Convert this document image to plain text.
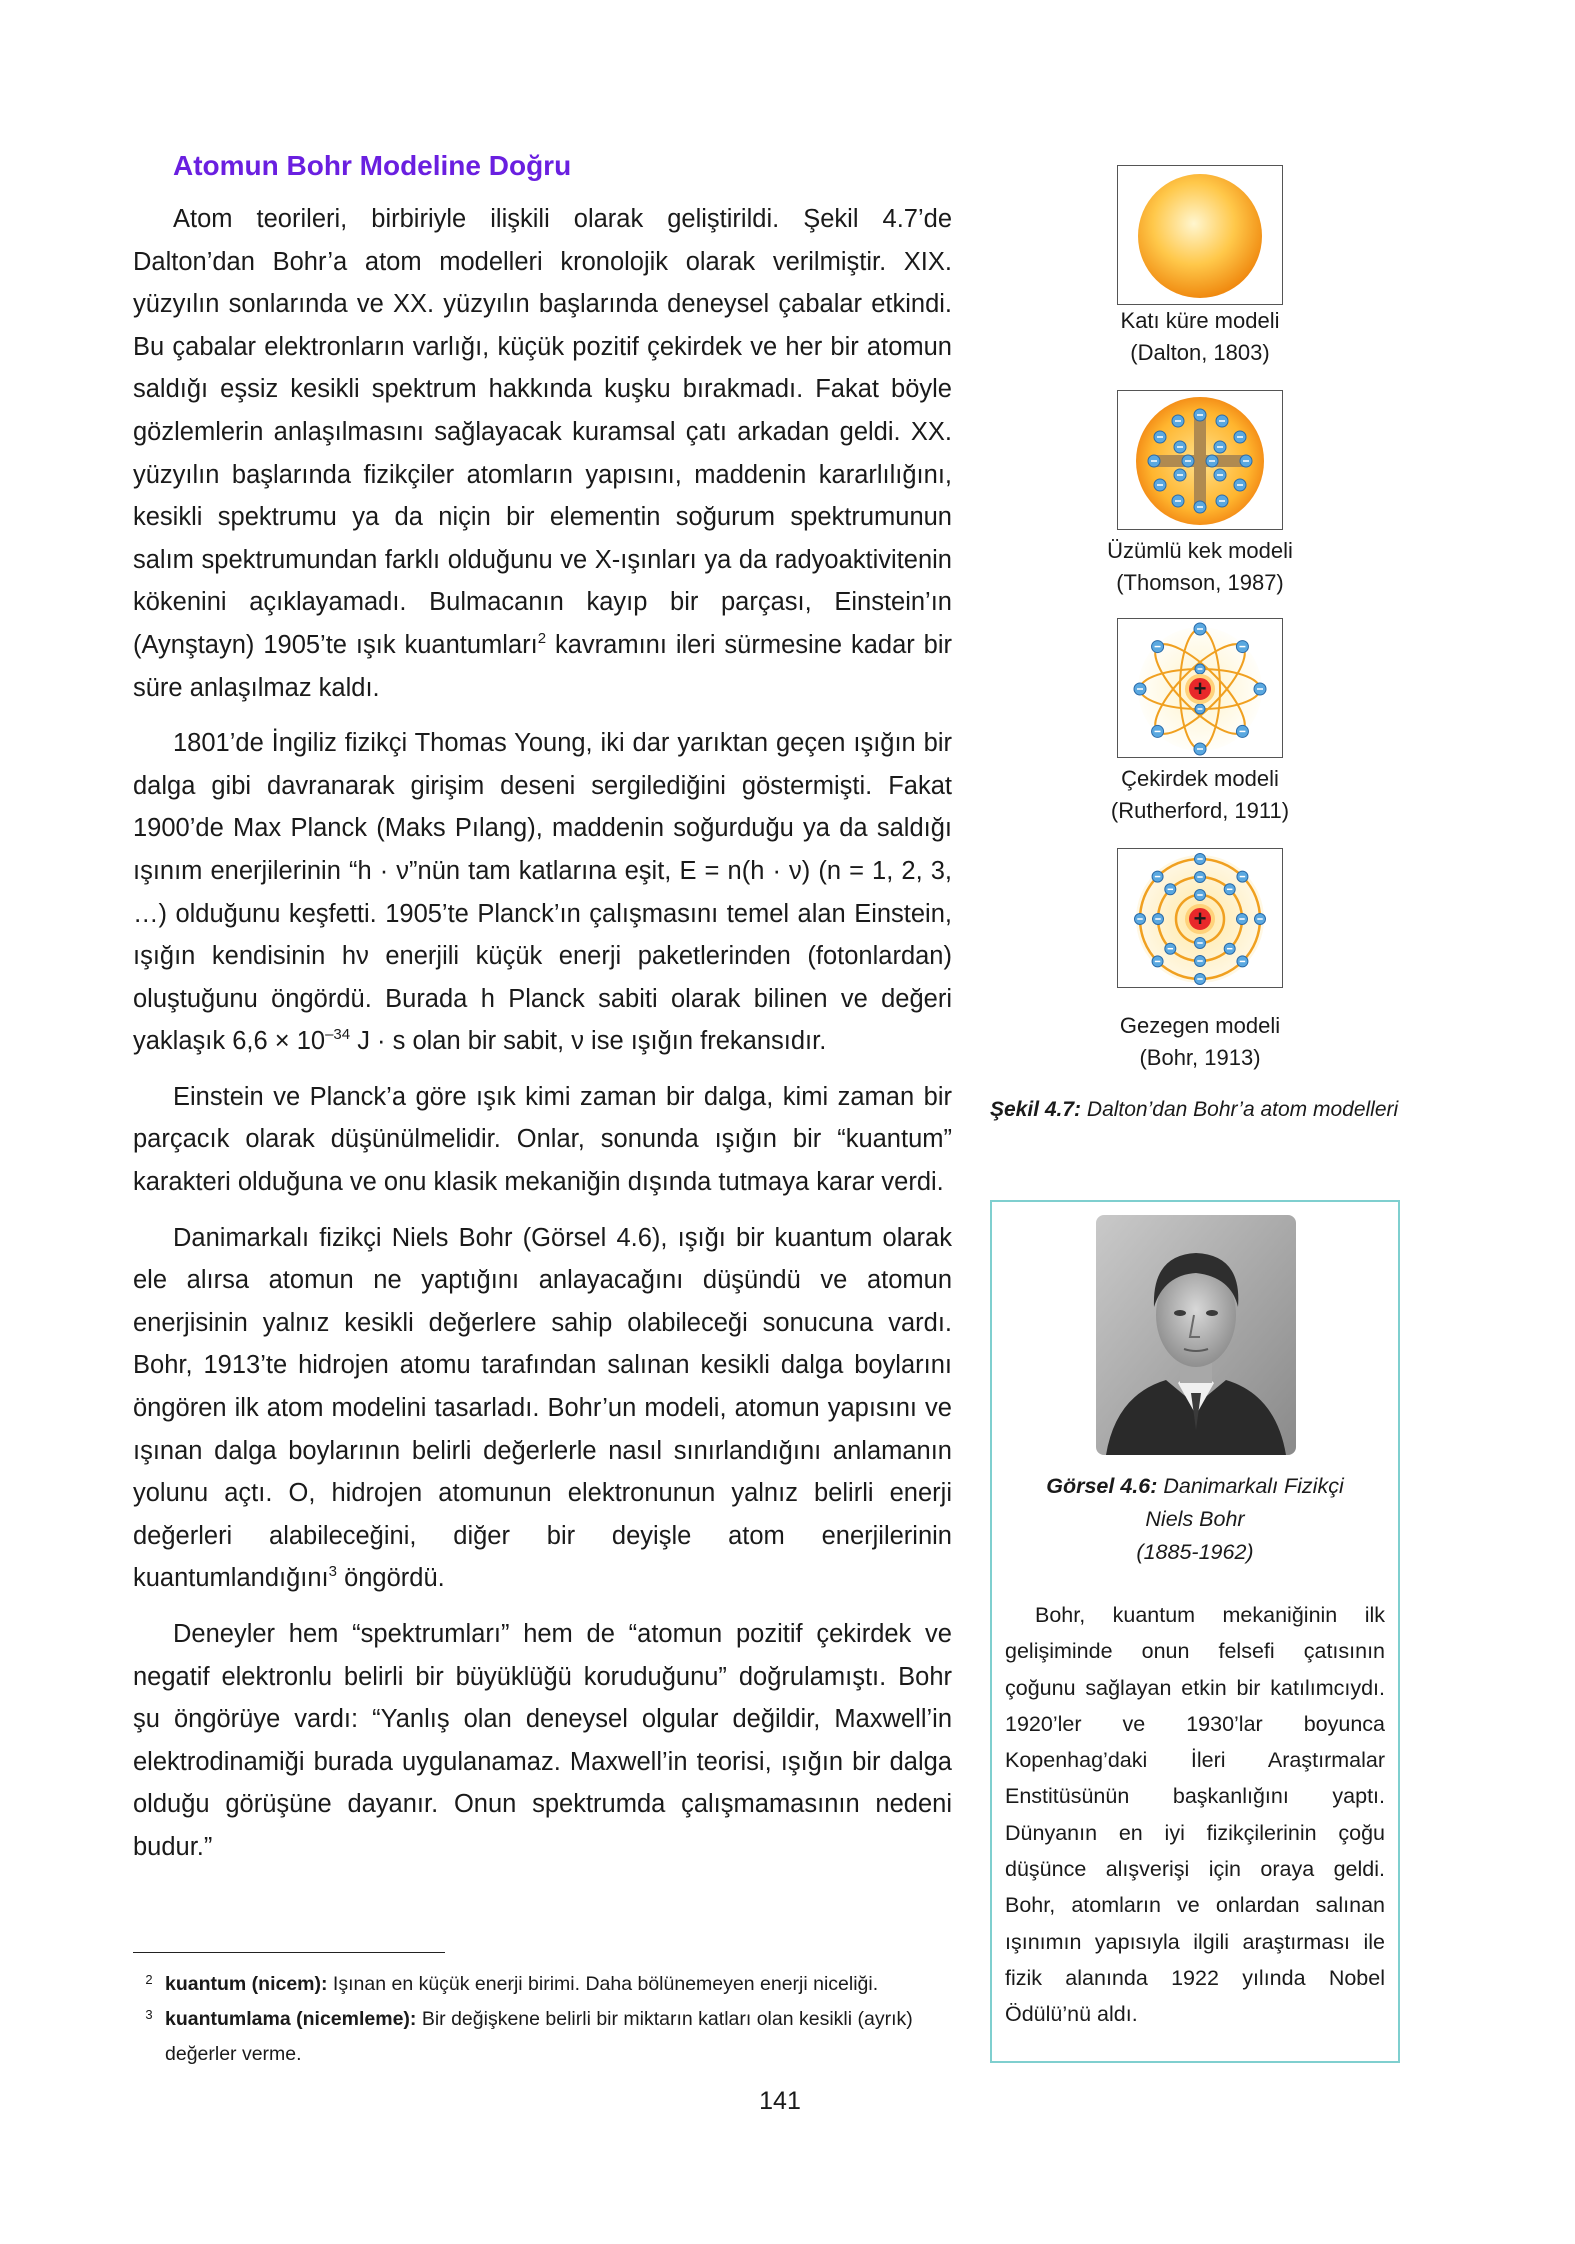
Atomun Bohr Modeline Doğru

Atom teorileri, birbiriyle ilişkili olarak geliştirildi. Şekil 4.7’de Dalton’dan Bohr’a atom modelleri kronolojik olarak verilmiştir. XIX. yüzyılın sonlarında ve XX. yüzyılın başlarında deneysel çabalar etkindi. Bu çabalar elektronların varlığı, küçük pozitif çekirdek ve her bir atomun saldığı eşsiz kesikli spektrum hakkında kuşku bırakmadı. Fakat böyle gözlemlerin anlaşılmasını sağlayacak kuramsal çatı arkadan geldi. XX. yüzyılın başlarında fizikçiler atomların yapısını, maddenin kararlılığını, kesikli spektrumu ya da niçin bir elementin soğurum spektrumunun salım spektrumundan farklı olduğunu ve X-ışınları ya da radyoaktivitenin kökenini açıklayamadı. Bulmacanın kayıp bir parçası, Einstein’ın (Aynştayn) 1905’te ışık kuantumları$^2$ kavramını ileri sürmesine kadar bir süre anlaşılmaz kaldı.

1801’de İngiliz fizikçi Thomas Young, iki dar yarıktan geçen ışığın bir dalga gibi davranarak girişim deseni sergilediğini göstermişti. Fakat 1900’de Max Planck (Maks Pılang), maddenin soğurduğu ya da saldığı ışınım enerjilerinin “h · ν”nün tam katlarına eşit, E = n(h · ν) (n = 1, 2, 3, …) olduğunu keşfetti. 1905’te Planck’ın çalışmasını temel alan Einstein, ışığın kendisinin hν enerjili küçük enerji paketlerinden (fotonlardan) oluştuğunu öngördü. Burada h Planck sabiti olarak bilinen ve değeri yaklaşık $6,6 \times 10^{-34}$ J · s olan bir sabit, ν ise ışığın frekansıdır.

Einstein ve Planck’a göre ışık kimi zaman bir dalga, kimi zaman bir parçacık olarak düşünülmelidir. Onlar, sonunda ışığın bir “kuantum” karakteri olduğuna ve onu klasik mekaniğin dışında tutmaya karar verdi.

Danimarkalı fizikçi Niels Bohr (Görsel 4.6), ışığı bir kuantum olarak ele alırsa atomun ne yaptığını anlayacağını düşündü ve atomun enerjisinin yalnız kesikli değerlere sahip olabileceği sonucuna vardı. Bohr, 1913’te hidrojen atomu tarafından salınan kesikli dalga boylarını öngören ilk atom modelini tasarladı. Bohr’un modeli, atomun yapısını ve ışınan dalga boylarının belirli değerlerle nasıl sınırlandığını anlamanın yolunu açtı. O, hidrojen atomunun elektronunun yalnız belirli enerji değerleri alabileceğini, diğer bir deyişle atom enerjilerinin kuantumlandığını$^3$ öngördü.

Deneyler hem “spektrumları” hem de “atomun pozitif çekirdek ve negatif elektronlu belirli bir büyüklüğü koruduğunu” doğrulamıştı. Bohr şu öngörüye vardı: “Yanlış olan deneysel olgular değildir, Maxwell’in elektrodinamiği burada uygulanamaz. Maxwell’in teorisi, ışığın bir dalga olduğu görüşüne dayanır. Onun spektrumda çalışmamasının nedeni budur.”

2 kuantum (nicem): Işınan en küçük enerji birimi. Daha bölünemeyen enerji niceliği.
3 kuantumlama (nicemleme): Bir değişkene belirli bir miktarın katları olan kesikli (ayrık) değerler verme.
141
Katı küre modeli
(Dalton, 1803)
Üzümlü kek modeli
(Thomson, 1987)
+
Çekirdek modeli
(Rutherford, 1911)
+
Gezegen modeli
(Bohr, 1913)
Şekil 4.7: Dalton’dan Bohr’a atom modelleri
Görsel 4.6: Danimarkalı Fizikçi
Niels Bohr
(1885-1962)
Bohr, kuantum mekaniğinin ilk gelişiminde onun felsefi çatısının çoğunu sağlayan etkin bir katılımcıydı. 1920’ler ve 1930’lar boyunca Kopenhag’daki İleri Araştırmalar Enstitüsünün başkanlığını yaptı. Dünyanın en iyi fizikçilerinin çoğu düşünce alışverişi için oraya geldi. Bohr, atomların ve onlardan salınan ışınımın yapısıyla ilgili araştırması ile fizik alanında 1922 yılında Nobel Ödülü’nü aldı.
